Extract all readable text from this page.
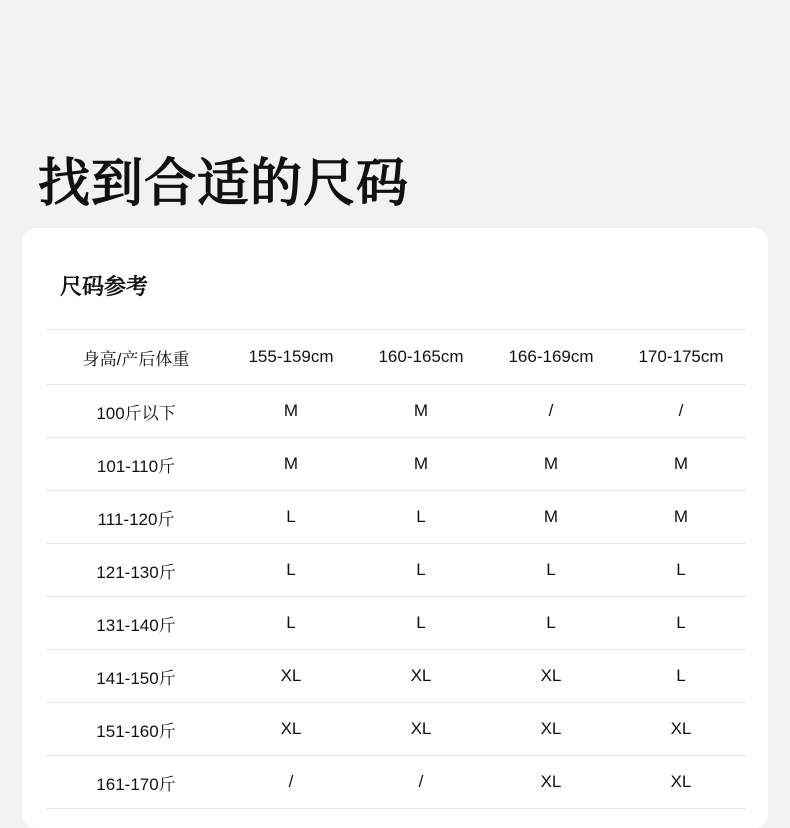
找到合适的尺码
尺码参考
身高/产后体重	155-159cm	160-165cm	166-169cm	170-175cm
100斤以下	M	M	/	/
101-110斤	M	M	M	M
111-120斤	L	L	M	M
121-130斤	L	L	L	L
131-140斤	L	L	L	L
141-150斤	XL	XL	XL	L
151-160斤	XL	XL	XL	XL
161-170斤	/	/	XL	XL
